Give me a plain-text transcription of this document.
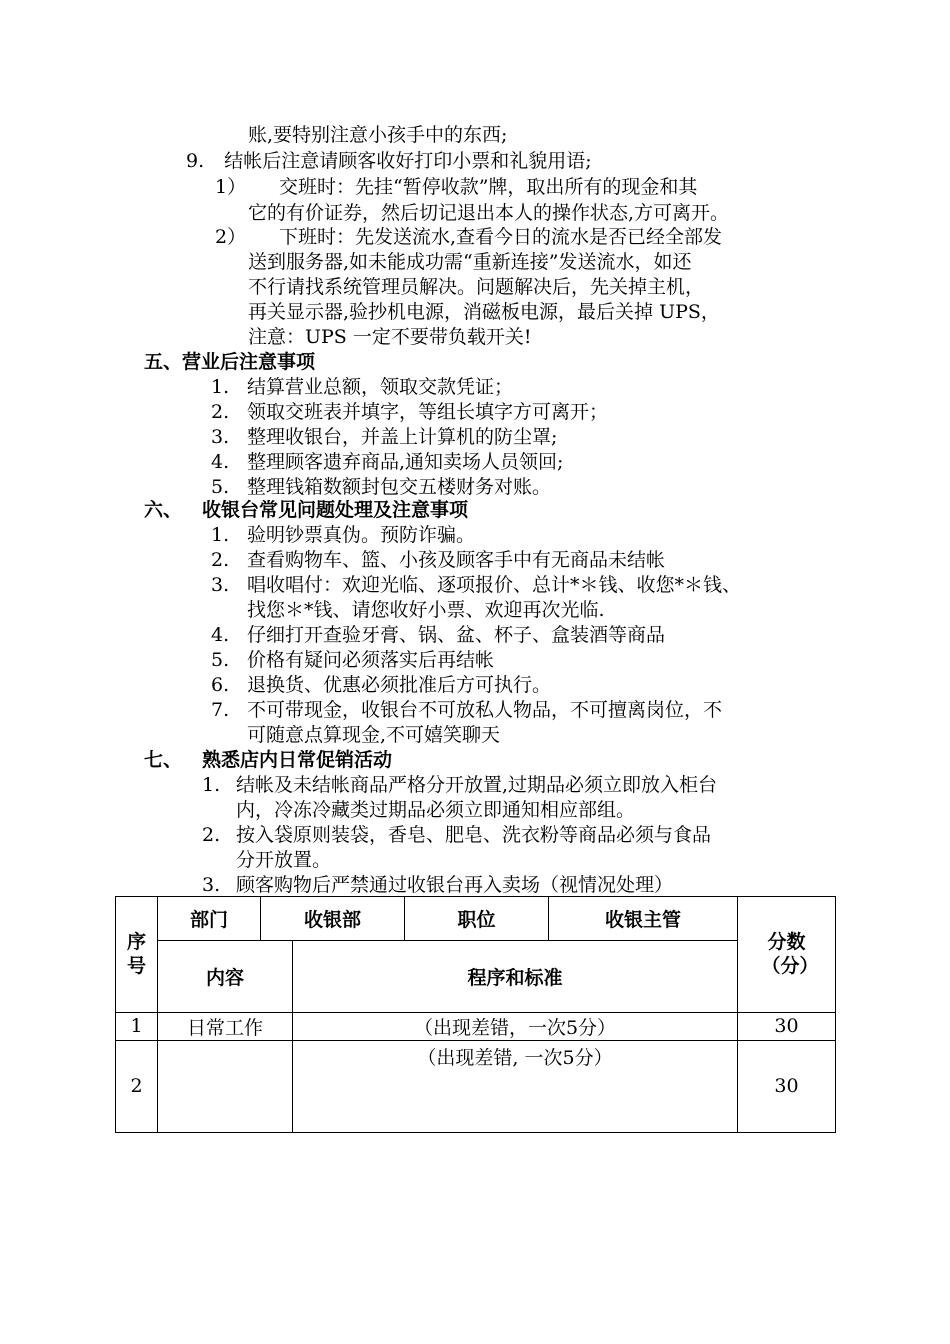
账,要特别注意小孩手中的东西;
9. 结帐后注意请顾客收好打印小票和礼貌用语;
1） 交班时：先挂“暂停收款”牌，取出所有的现金和其
它的有价证券，然后切记退出本人的操作状态,方可离开。
2） 下班时：先发送流水,查看今日的流水是否已经全部发
送到服务器,如未能成功需“重新连接”发送流水，如还
不行请找系统管理员解决。问题解决后，先关掉主机，
再关显示器,验抄机电源，消磁板电源，最后关掉 UPS，
注意：UPS 一定不要带负载开关!
五、营业后注意事项
1. 结算营业总额，领取交款凭证；
2. 领取交班表并填字，等组长填字方可离开；
3. 整理收银台，并盖上计算机的防尘罩;
4. 整理顾客遗弃商品,通知卖场人员领回;
5. 整理钱箱数额封包交五楼财务对账。
六、 收银台常见问题处理及注意事项
1. 验明钞票真伪。预防诈骗。
2. 查看购物车、篮、小孩及顾客手中有无商品未结帐
3. 唱收唱付：欢迎光临、逐项报价、总计*＊钱、收您*＊钱、
找您＊*钱、请您收好小票、欢迎再次光临.
4. 仔细打开查验牙膏、锅、盆、杯子、盒装酒等商品
5. 价格有疑问必须落实后再结帐
6. 退换货、优惠必须批准后方可执行。
7. 不可带现金，收银台不可放私人物品，不可擅离岗位，不
可随意点算现金,不可嬉笑聊天
七、 熟悉店内日常促销活动
1. 结帐及未结帐商品严格分开放置,过期品必须立即放入柜台
内，冷冻冷藏类过期品必须立即通知相应部组。
2. 按入袋原则装袋，香皂、肥皂、洗衣粉等商品必须与食品
分开放置。
3. 顾客购物后严禁通过收银台再入卖场（视情况处理）
序号

部门	收银部	职位	收银主管

内容	程序和标准

分数（分）

1	日常工作	（出现差错，一次5分）	30
2		（出现差错, 一次5分）	30
